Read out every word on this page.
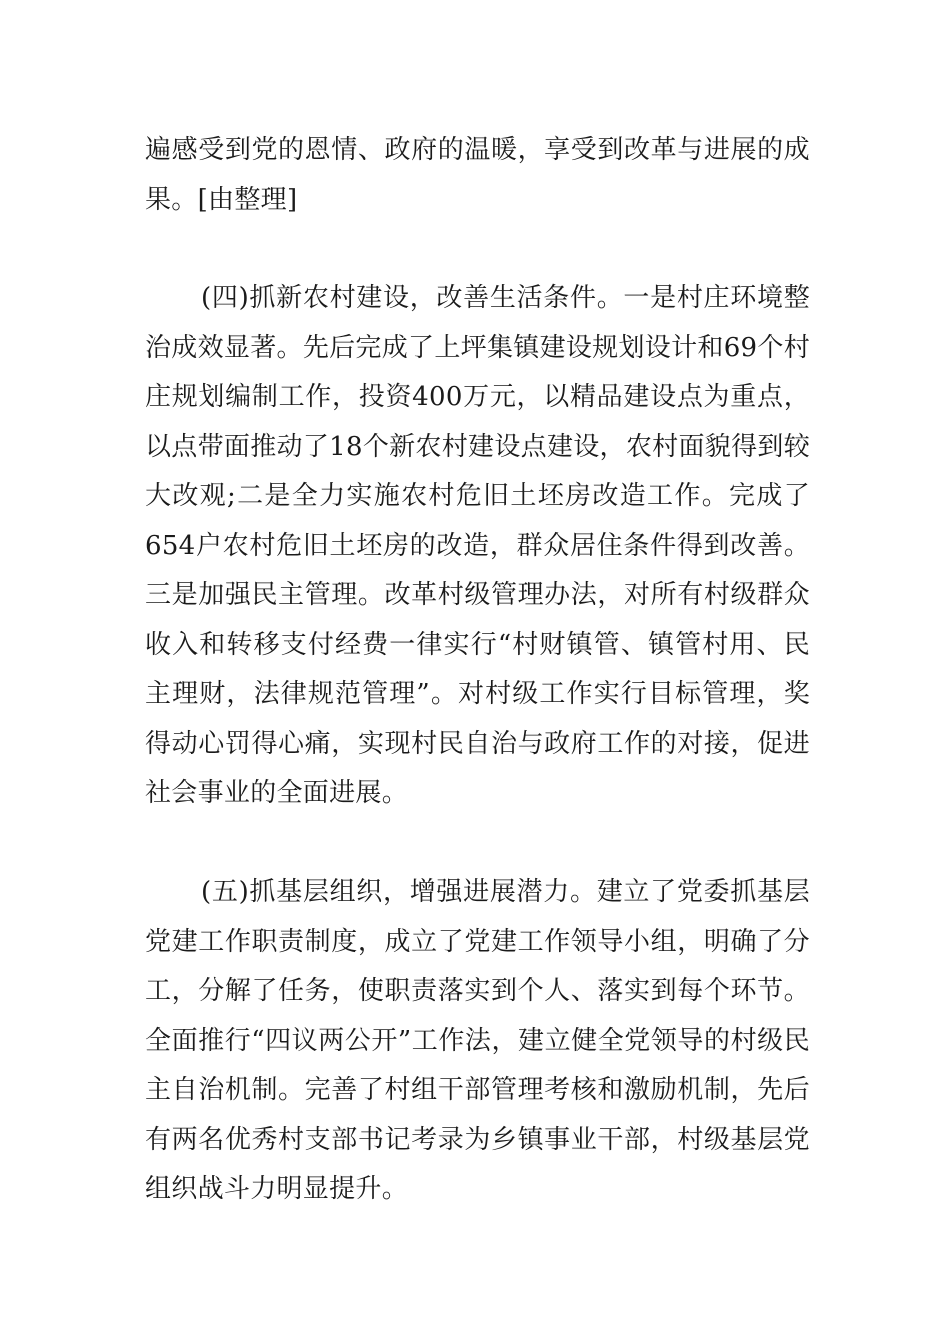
遍感受到党的恩情、政府的温暖，享受到改革与进展的成果。[由整理]

(四)抓新农村建设，改善生活条件。一是村庄环境整治成效显著。先后完成了上坪集镇建设规划设计和69个村庄规划编制工作，投资400万元，以精品建设点为重点，以点带面推动了18个新农村建设点建设，农村面貌得到较大改观;二是全力实施农村危旧土坯房改造工作。完成了654户农村危旧土坯房的改造，群众居住条件得到改善。三是加强民主管理。改革村级管理办法，对所有村级群众收入和转移支付经费一律实行“村财镇管、镇管村用、民主理财，法律规范管理”。对村级工作实行目标管理，奖得动心罚得心痛，实现村民自治与政府工作的对接，促进社会事业的全面进展。

(五)抓基层组织，增强进展潜力。建立了党委抓基层党建工作职责制度，成立了党建工作领导小组，明确了分工，分解了任务，使职责落实到个人、落实到每个环节。全面推行“四议两公开”工作法，建立健全党领导的村级民主自治机制。完善了村组干部管理考核和激励机制，先后有两名优秀村支部书记考录为乡镇事业干部，村级基层党组织战斗力明显提升。
